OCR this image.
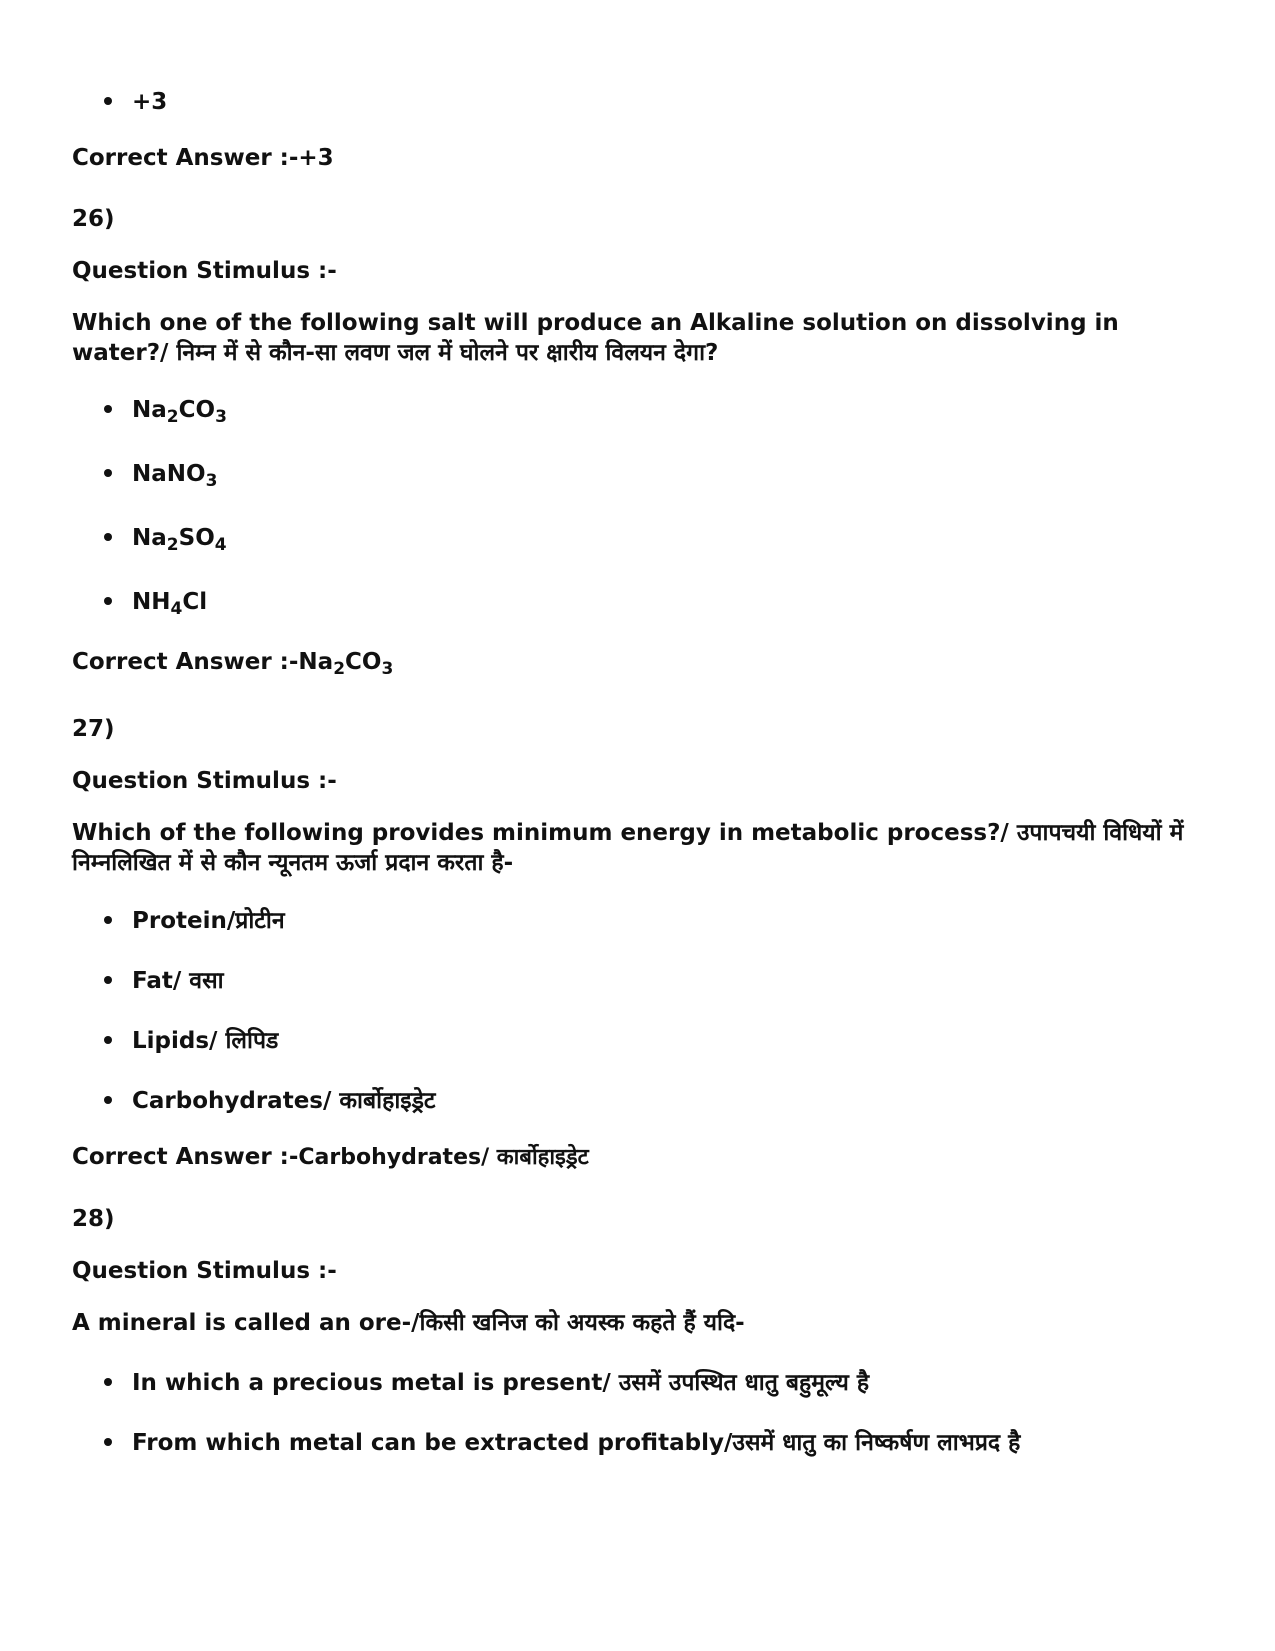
+3
Correct Answer :-+3
26)
Question Stimulus :-
Which one of the following salt will produce an Alkaline solution on dissolving in water?/ निम्न में से कौन-सा लवण जल में घोलने पर क्षारीय विलयन देगा?
$Na_2CO_3$
NaNO$_3$
$Na_2SO_4$
$NH_4Cl$
Correct Answer $:-Na_2CO_3$
27)
Question Stimulus :-
Which of the following provides minimum energy in metabolic process?/ उपापचयी विधियों में निम्नलिखित में से कौन न्यूनतम ऊर्जा प्रदान करता है-
Protein/प्रोटीन
Fat/ वसा
Lipids/ लिपिड
Carbohydrates/ कार्बोहाइड्रेट
Correct Answer :-Carbohydrates/ कार्बोहाइड्रेट
28)
Question Stimulus :-
A mineral is called an ore-/किसी खनिज को अयस्क कहते हैं यदि-
In which a precious metal is present/ उसमें उपस्थित धातु बहुमूल्य है
From which metal can be extracted profitably/उसमें धातु का निष्कर्षण लाभप्रद है
